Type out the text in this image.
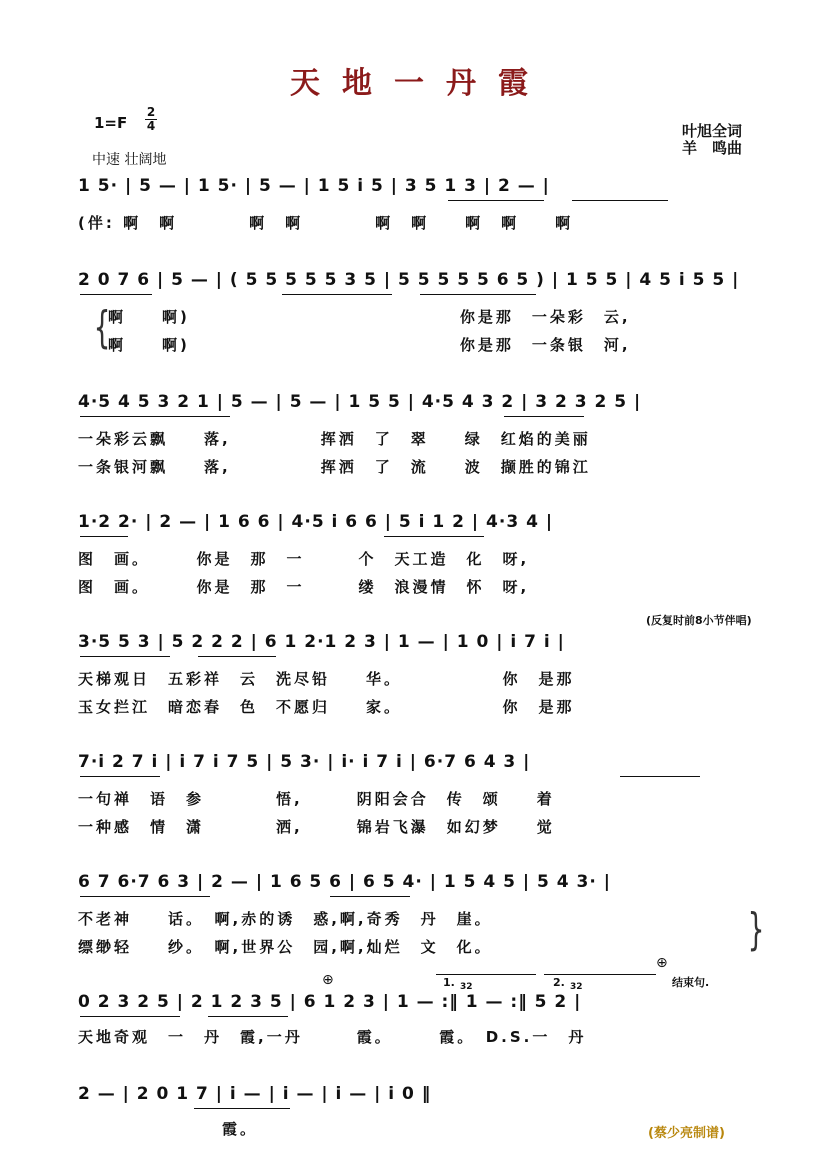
天地一丹霞
1=F
2
4
中速 壮阔地
叶旭全词
羊　鸣曲
1 5· | 5 — | 1 5· | 5 — | 1 5 i 5 | 3 5 1 3 | 2 — |
(伴: 啊　啊　　　　啊　啊　　　　啊　啊　　啊　啊　　啊
2 0 7 6 | 5 — | ( 5 5 5 5 5 3 5 | 5 5 5 5 5 6 5 ) | 1 5 5 | 4 5 i 5 5 |
{
啊　　啊)　　　　　　　　　　　　　　　你是那　一朵彩　云,
啊　　啊)　　　　　　　　　　　　　　　你是那　一条银　河,
4·5 4 5 3 2 1 | 5 — | 5 — | 1 5 5 | 4·5 4 3 2 | 3 2 3 2 5 |
一朵彩云飘　　落,　　　　　挥洒　了　翠　　绿　红焰的美丽
一条银河飘　　落,　　　　　挥洒　了　流　　波　撷胜的锦江
1·2 2· | 2 — | 1 6 6 | 4·5 i 6 6 | 5 i 1 2 | 4·3 4 |
图　画。　　　你是　那　一　　　个　天工造　化　呀,
图　画。　　　你是　那　一　　　缕　浪漫情　怀　呀,
(反复时前8小节伴唱)
3·5 5 3 | 5 2 2 2 | 6 1 2·1 2 3 | 1 — | 1 0 | i 7 i |
天梯观日　五彩祥　云　洗尽铅　　华。　　　　　　你　是那
玉女拦江　暗恋春　色　不愿归　　家。　　　　　　你　是那
7·i 2 7 i | i 7 i 7 5 | 5 3· | i· i 7 i | 6·7 6 4 3 |
一句禅　语　参　　　　悟,　　　阴阳会合　传　颂　　着
一种感　情　潇　　　　洒,　　　锦岩飞瀑　如幻梦　　觉
6 7 6·7 6 3 | 2 — | 1 6 5 6 | 6 5 4· | 1 5 4 5 | 5 4 3· |
不老神　　话。　啊,赤的诱　惑,啊,奇秀　丹　崖。
缥缈轻　　纱。　啊,世界公　园,啊,灿烂　文　化。	}
⊕
⊕
1. 32	2. 32	结束句.
0 2 3 2 5 | 2 1 2 3 5 | 6 1 2 3 | 1 — :‖ 1 — :‖ 5 2 |
天地奇观　一　丹　霞,一丹　　　霞。　　　霞。　D.S.一　丹
2 — | 2 0 1 7 | i — | i — | i — | i 0 ‖
　　　　　　　　霞。	(蔡少亮制谱)
